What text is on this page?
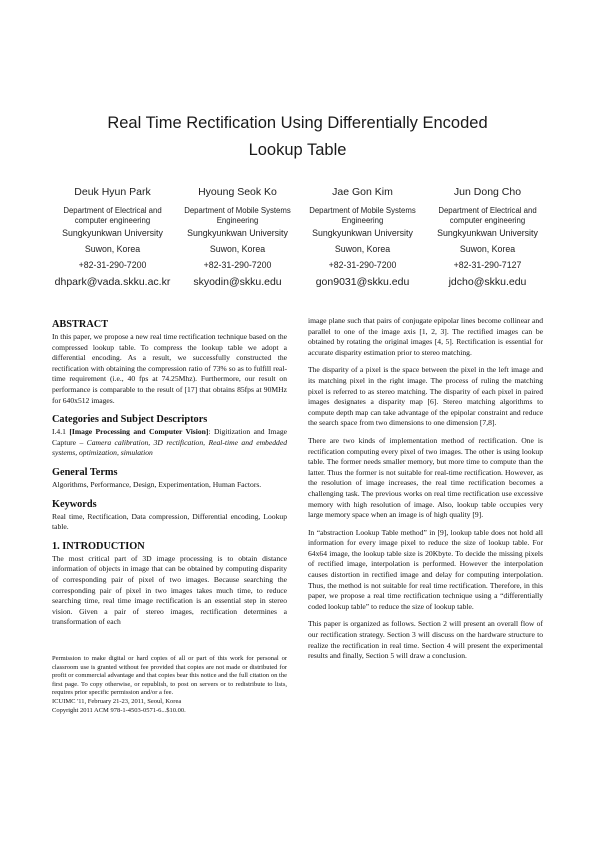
Real Time Rectification Using Differentially Encoded
Lookup Table
Deuk Hyun Park
Department of Electrical and computer engineering
Sungkyunkwan University
Suwon, Korea
+82-31-290-7200
dhpark@vada.skku.ac.kr
Hyoung Seok Ko
Department of Mobile Systems Engineering
Sungkyunkwan University
Suwon, Korea
+82-31-290-7200
skyodin@skku.edu
Jae Gon Kim
Department of Mobile Systems Engineering
Sungkyunkwan University
Suwon, Korea
+82-31-290-7200
gon9031@skku.edu
Jun Dong Cho
Department of Electrical and computer engineering
Sungkyunkwan University
Suwon, Korea
+82-31-290-7127
jdcho@skku.edu
ABSTRACT

In this paper, we propose a new real time rectification technique based on the compressed lookup table. To compress the lookup table we adopt a differential encoding. As a result, we successfully constructed the rectification with obtaining the compression ratio of 73% so as to fulfill real-time requirement (i.e., 40 fps at 74.25Mhz). Furthermore, our result on performance is comparable to the result of [17] that obtains 85fps at 90MHz for 640x512 images.

Categories and Subject Descriptors

I.4.1 [Image Processing and Computer Vision]: Digitization and Image Capture – Camera calibration, 3D rectification, Real-time and embedded systems, optimization, simulation

General Terms

Algorithms, Performance, Design, Experimentation, Human Factors.

Keywords

Real time, Rectification, Data compression, Differential encoding, Lookup table.

1. INTRODUCTION

The most critical part of 3D image processing is to obtain distance information of objects in image that can be obtained by computing disparity of corresponding pair of pixel of two images. Because searching the corresponding pair of pixel in two images takes much time, to reduce searching time, real time image rectification is an essential step in stereo vision. Given a pair of stereo images, rectification determines a transformation of each

Permission to make digital or hard copies of all or part of this work for personal or classroom use is granted without fee provided that copies are not made or distributed for profit or commercial advantage and that copies bear this notice and the full citation on the first page. To copy otherwise, or republish, to post on servers or to redistribute to lists, requires prior specific permission and/or a fee.

ICUIMC '11, February 21-23, 2011, Seoul, Korea

Copyright 2011 ACM 978-1-4503-0571-6...$10.00.

image plane such that pairs of conjugate epipolar lines become collinear and parallel to one of the image axis [1, 2, 3]. The rectified images can be obtained by rotating the original images [4, 5]. Rectification is essential for accurate disparity estimation prior to stereo matching.

The disparity of a pixel is the space between the pixel in the left image and its matching pixel in the right image. The process of ruling the matching pixel is referred to as stereo matching. The disparity of each pixel in paired images designates a disparity map [6]. Stereo matching algorithms to compute depth map can take advantage of the epipolar constraint and reduce the search space from two dimensions to one dimension [7,8].

There are two kinds of implementation method of rectification. One is rectification computing every pixel of two images. The other is using lookup table. The former needs smaller memory, but more time to compute than the latter. Thus the former is not suitable for real-time rectification. However, as the resolution of image increases, the real time rectification becomes a challenging task. The previous works on real time rectification use excessive memory with high resolution of image. Also, lookup table occupies very large memory space when an image is of high quality [9].

In “abstraction Lookup Table method” in [9], lookup table does not hold all information for every image pixel to reduce the size of lookup table. For 64x64 image, the lookup table size is 20Kbyte. To decide the missing pixels of rectified image, interpolation is performed. However the interpolation causes distortion in rectified image and delay for computing interpolation. Thus, the method is not suitable for real time rectification. Therefore, in this paper, we propose a real time rectification technique using a “differentially coded lookup table” to reduce the size of lookup table.

This paper is organized as follows. Section 2 will present an overall flow of our rectification strategy. Section 3 will discuss on the hardware structure to realize the rectification in real time. Section 4 will present the experimental results and finally, Section 5 will draw a conclusion.
